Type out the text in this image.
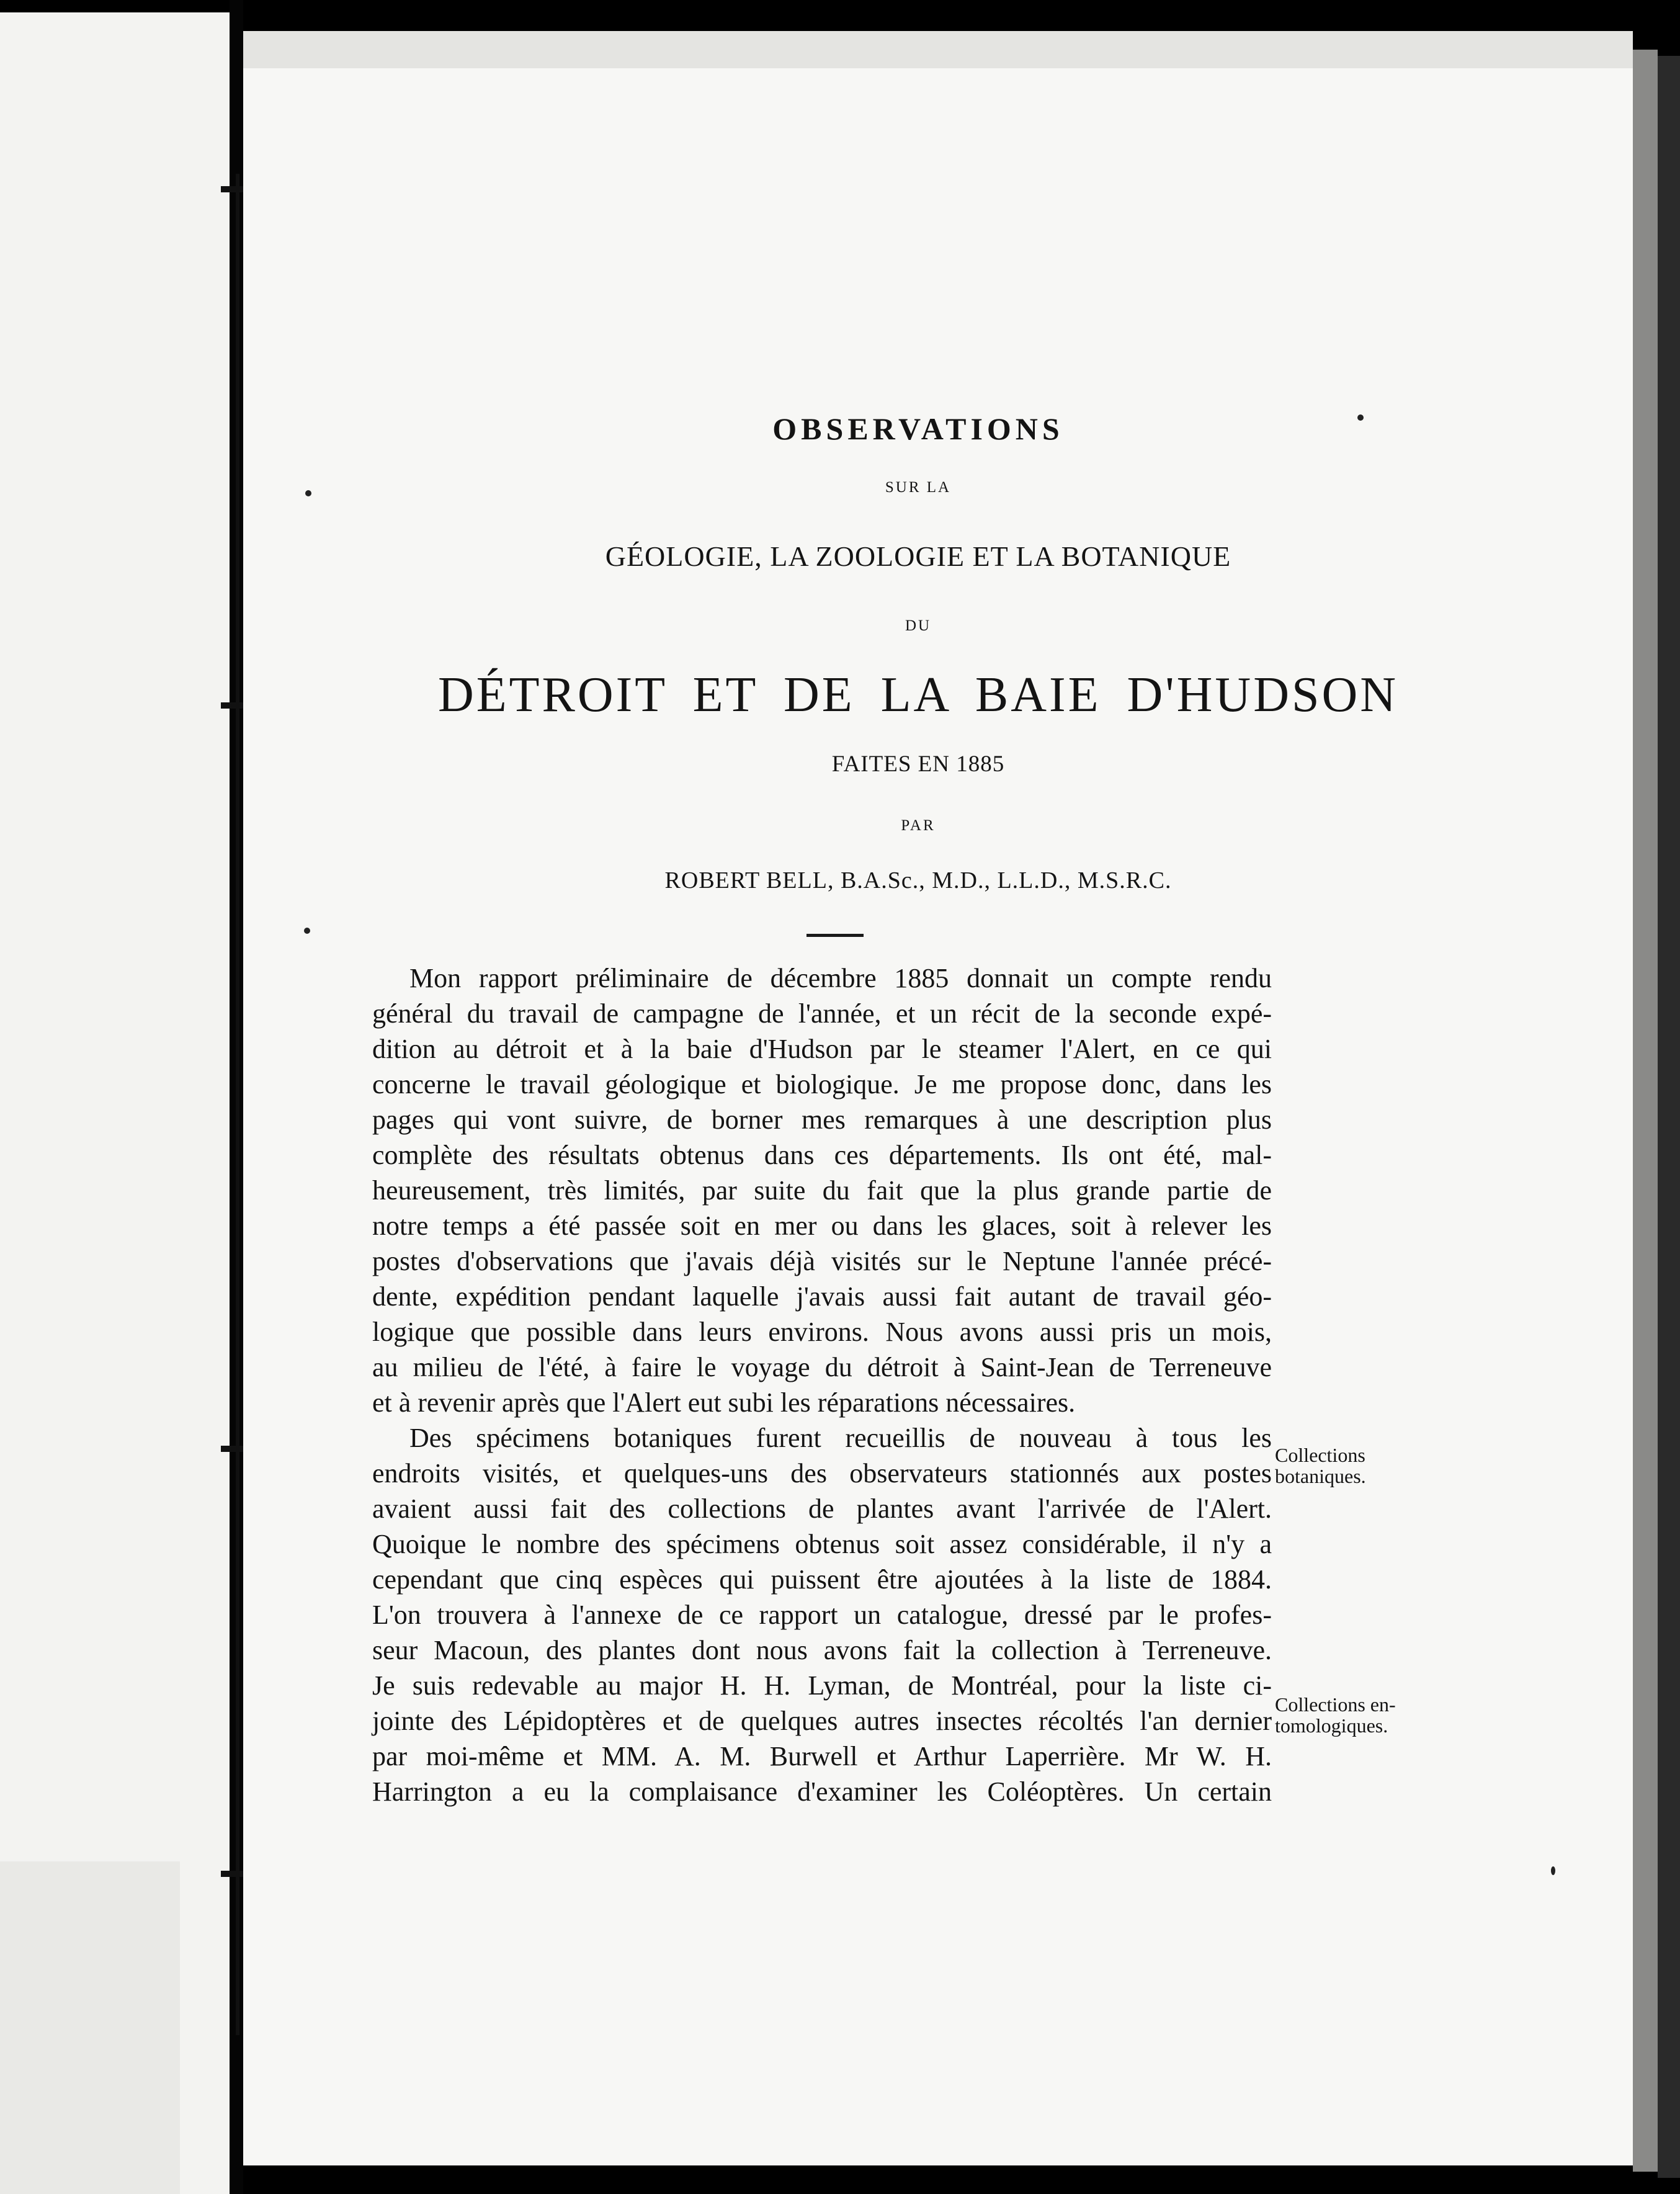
OBSERVATIONS
SUR LA
GÉOLOGIE, LA ZOOLOGIE ET LA BOTANIQUE
DU
DÉTROIT ET DE LA BAIE D'HUDSON
FAITES EN 1885
PAR
ROBERT BELL, B.A.Sc., M.D., L.L.D., M.S.R.C.
Mon rapport préliminaire de décembre 1885 donnait un compte rendu
général du travail de campagne de l'année, et un récit de la seconde expé-
dition au détroit et à la baie d'Hudson par le steamer l'Alert, en ce qui
concerne le travail géologique et biologique. Je me propose donc, dans les
pages qui vont suivre, de borner mes remarques à une description plus
complète des résultats obtenus dans ces départements. Ils ont été, mal-
heureusement, très limités, par suite du fait que la plus grande partie de
notre temps a été passée soit en mer ou dans les glaces, soit à relever les
postes d'observations que j'avais déjà visités sur le Neptune l'année précé-
dente, expédition pendant laquelle j'avais aussi fait autant de travail géo-
logique que possible dans leurs environs. Nous avons aussi pris un mois,
au milieu de l'été, à faire le voyage du détroit à Saint-Jean de Terreneuve
et à revenir après que l'Alert eut subi les réparations nécessaires.
Des spécimens botaniques furent recueillis de nouveau à tous les
endroits visités, et quelques-uns des observateurs stationnés aux postes
avaient aussi fait des collections de plantes avant l'arrivée de l'Alert.
Quoique le nombre des spécimens obtenus soit assez considérable, il n'y a
cependant que cinq espèces qui puissent être ajoutées à la liste de 1884.
L'on trouvera à l'annexe de ce rapport un catalogue, dressé par le profes-
seur Macoun, des plantes dont nous avons fait la collection à Terreneuve.
Je suis redevable au major H. H. Lyman, de Montréal, pour la liste ci-
jointe des Lépidoptères et de quelques autres insectes récoltés l'an dernier
par moi-même et MM. A. M. Burwell et Arthur Laperrière. Mr W. H.
Harrington a eu la complaisance d'examiner les Coléoptères. Un certain
Collections
botaniques.
Collections en-
tomologiques.
